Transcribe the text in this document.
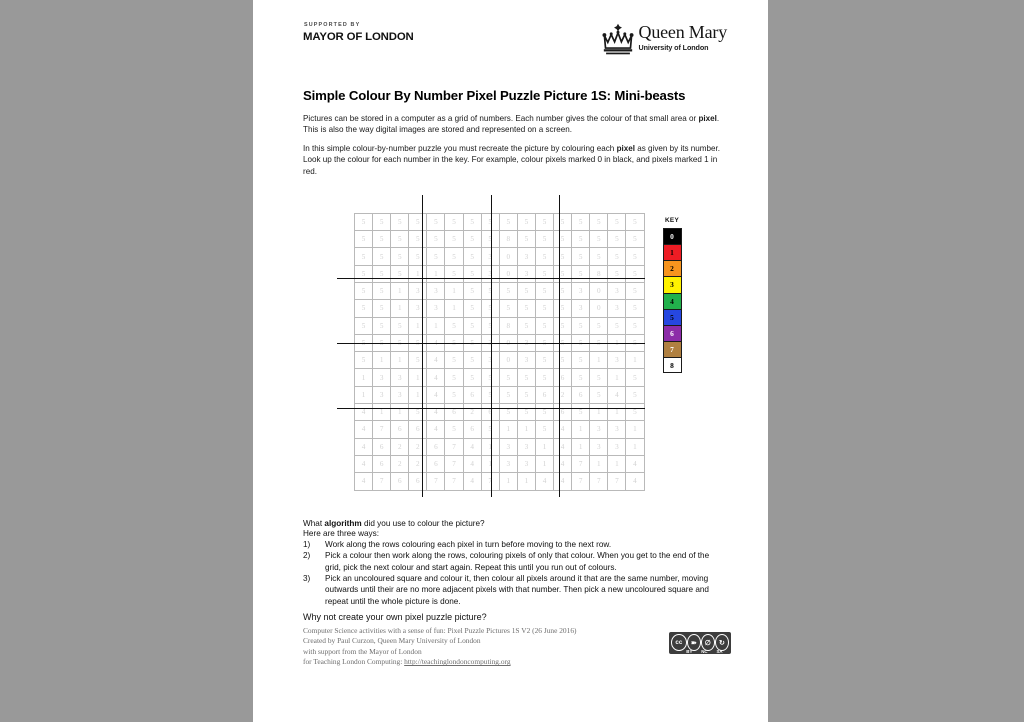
SUPPORTED BY
MAYOR OF LONDON	Queen Mary
University of London
Simple Colour By Number Pixel Puzzle Picture 1S: Mini-beasts

Pictures can be stored in a computer as a grid of numbers. Each number gives the colour of that small area or pixel. This is also the way digital images are stored and represented on a screen.

In this simple colour-by-number puzzle you must recreate the picture by colouring each pixel as given by its number. Look up the colour for each number in the key. For example, colour pixels marked 0 in black, and pixels marked 1 in red.

5	5	5	5	5	5	5	5	5	5	5	5	5	5	5	5
5	5	5	5	5	5	5	5	8	5	5	5	5	5	5	5
5	5	5	5	5	5	5	3	0	3	5	5	5	5	5	5
5	5	5	1	1	5	5	3	0	3	5	5	5	8	5	5
5	5	1	3	3	1	5	5	5	5	5	5	3	0	3	5
5	5	1	3	3	1	5	5	5	5	5	5	3	0	3	5
5	5	5	1	1	5	5	5	8	5	5	5	5	5	5	5
5	5	5	5	4	5	5	3	0	3	5	5	5	5	1	5
5	1	1	5	4	5	5	3	0	3	5	5	5	1	3	1
1	3	3	1	4	5	5	5	5	5	5	6	5	5	1	5
1	3	3	1	4	5	6	5	5	5	6	2	6	5	4	5
4	1	1	5	4	6	2	6	5	5	5	6	5	1	1	5
4	7	6	6	4	5	6	5	1	1	5	4	1	3	3	1
4	6	2	2	6	7	4	1	3	3	1	4	1	3	3	1
4	6	2	2	6	7	4	1	3	3	1	4	7	1	1	4
4	7	6	6	7	7	4	7	1	1	4	4	7	7	7	4
KEY
0
1
2
3
4
5
6
7
8

What algorithm did you use to colour the picture?

Here are three ways:

1) Work along the rows colouring each pixel in turn before moving to the next row.
2) Pick a colour then work along the rows, colouring pixels of only that colour. When you get to the end of the grid, pick the next colour and start again. Repeat this until you run out of colours.
3) Pick an uncoloured square and colour it, then colour all pixels around it that are the same number, moving outwards until their are no more adjacent pixels with that number. Then pick a new uncoloured square and repeat until the whole picture is done.

Why not create your own pixel puzzle picture?

Computer Science activities with a sense of fun: Pixel Puzzle Pictures 1S V2 (26 June 2016)
Created by Paul Curzon, Queen Mary University of London
with support from the Mayor of London
for Teaching London Computing: http://teachinglondoncomputing.org
cc	➽	∅	↻
BY NC SA
